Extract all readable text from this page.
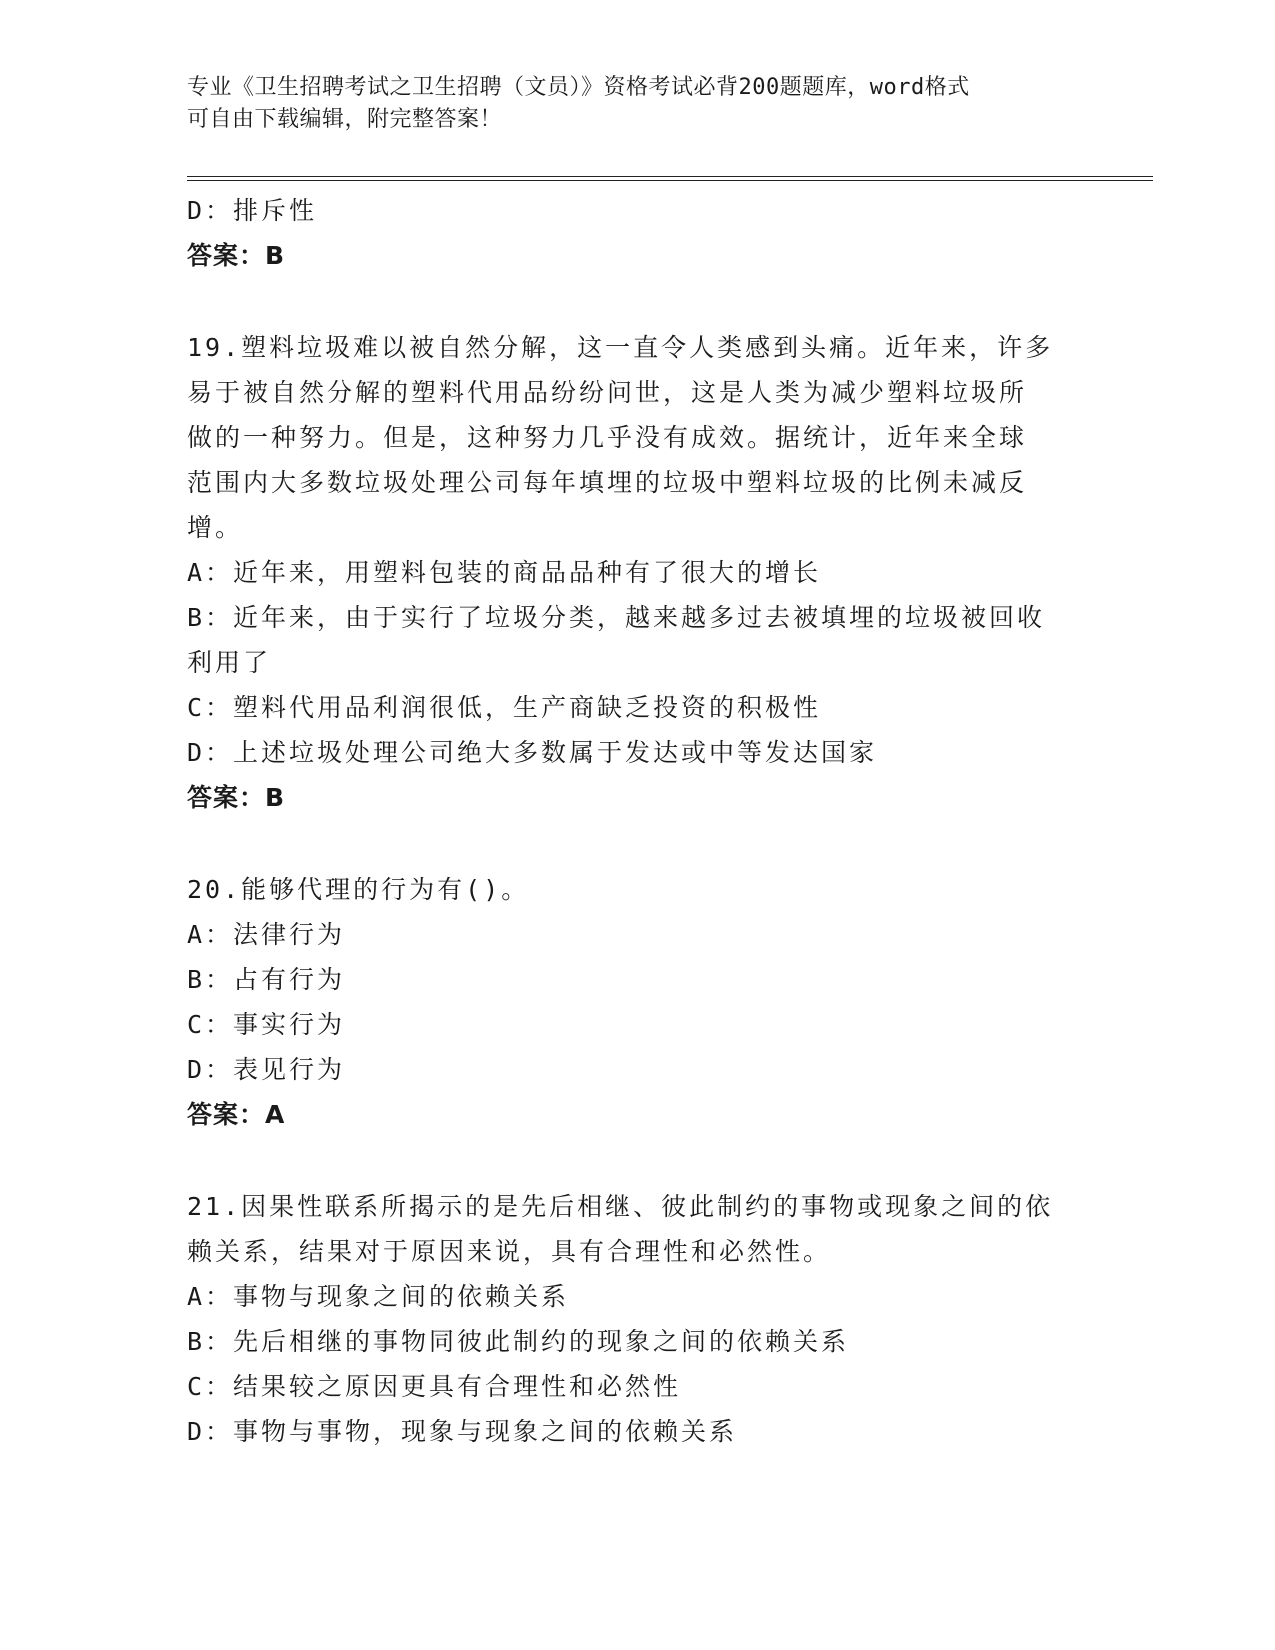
专业《卫生招聘考试之卫生招聘（文员）》资格考试必背200题题库，word格式
可自由下载编辑，附完整答案！
D：排斥性
答案：B
19.塑料垃圾难以被自然分解，这一直令人类感到头痛。近年来，许多
易于被自然分解的塑料代用品纷纷问世，这是人类为减少塑料垃圾所
做的一种努力。但是，这种努力几乎没有成效。据统计，近年来全球
范围内大多数垃圾处理公司每年填埋的垃圾中塑料垃圾的比例未减反
增。
A：近年来，用塑料包装的商品品种有了很大的增长
B：近年来，由于实行了垃圾分类，越来越多过去被填埋的垃圾被回收
利用了
C：塑料代用品利润很低，生产商缺乏投资的积极性
D：上述垃圾处理公司绝大多数属于发达或中等发达国家
答案：B
20.能够代理的行为有()。
A：法律行为
B：占有行为
C：事实行为
D：表见行为
答案：A
21.因果性联系所揭示的是先后相继、彼此制约的事物或现象之间的依
赖关系，结果对于原因来说，具有合理性和必然性。
A：事物与现象之间的依赖关系
B：先后相继的事物同彼此制约的现象之间的依赖关系
C：结果较之原因更具有合理性和必然性
D：事物与事物，现象与现象之间的依赖关系
